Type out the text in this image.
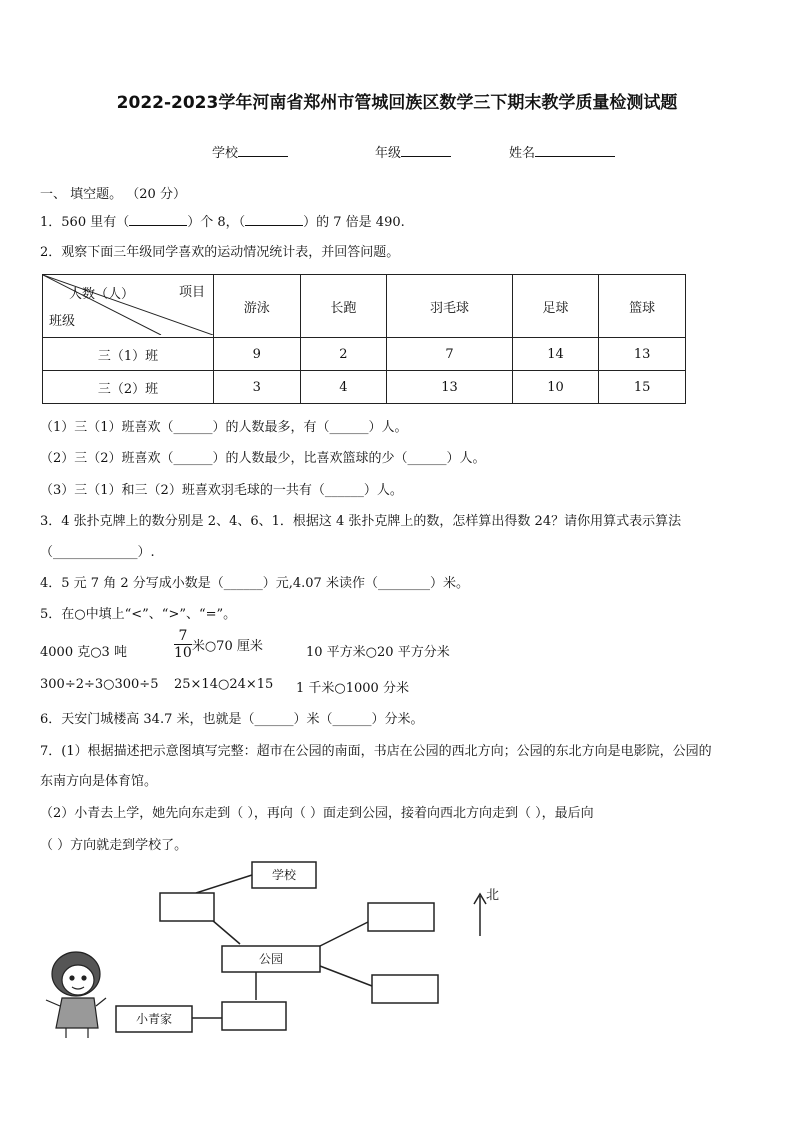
2022-2023学年河南省郑州市管城回族区数学三下期末教学质量检测试题
学校	年级	姓名
一、 填空题。 （20 分）
1．560 里有（	）个 8，（	）的 7 倍是 490.
2．观察下面三年级同学喜欢的运动情况统计表，并回答问题。
人数（人） 项目
班级	游泳	长跑	羽毛球	足球	篮球
三（1）班	9	2	7	14	13
三（2）班	3	4	13	10	15
（1）三（1）班喜欢（______）的人数最多，有（______）人。
（2）三（2）班喜欢（______）的人数最少，比喜欢篮球的少（______）人。
（3）三（1）和三（2）班喜欢羽毛球的一共有（______）人。
3．4 张扑克牌上的数分别是 2、4、6、1．根据这 4 张扑克牌上的数，怎样算出得数 24？请你用算式表示算法
（_____________）.
4．5 元 7 角 2 分写成小数是（______）元,4.07 米读作（________）米。
5．在○中填上“<”、“>”、“=”。
4000 克○3 吨	$\frac{7}{10}$ 米○70 厘米	10 平方米○20 平方分米
300÷2÷3○300÷5 25×14○24×15 1 千米○1000 分米
6．天安门城楼高 34.7 米，也就是（______）米（______）分米。
7．(1）根据描述把示意图填写完整：超市在公园的南面，书店在公园的西北方向；公园的东北方向是电影院，公园的
东南方向是体育馆。
（2）小青去上学，她先向东走到（ ），再向（ ）面走到公园，接着向西北方向走到（ ），最后向
（ ）方向就走到学校了。
学校
公园
小青家
北
